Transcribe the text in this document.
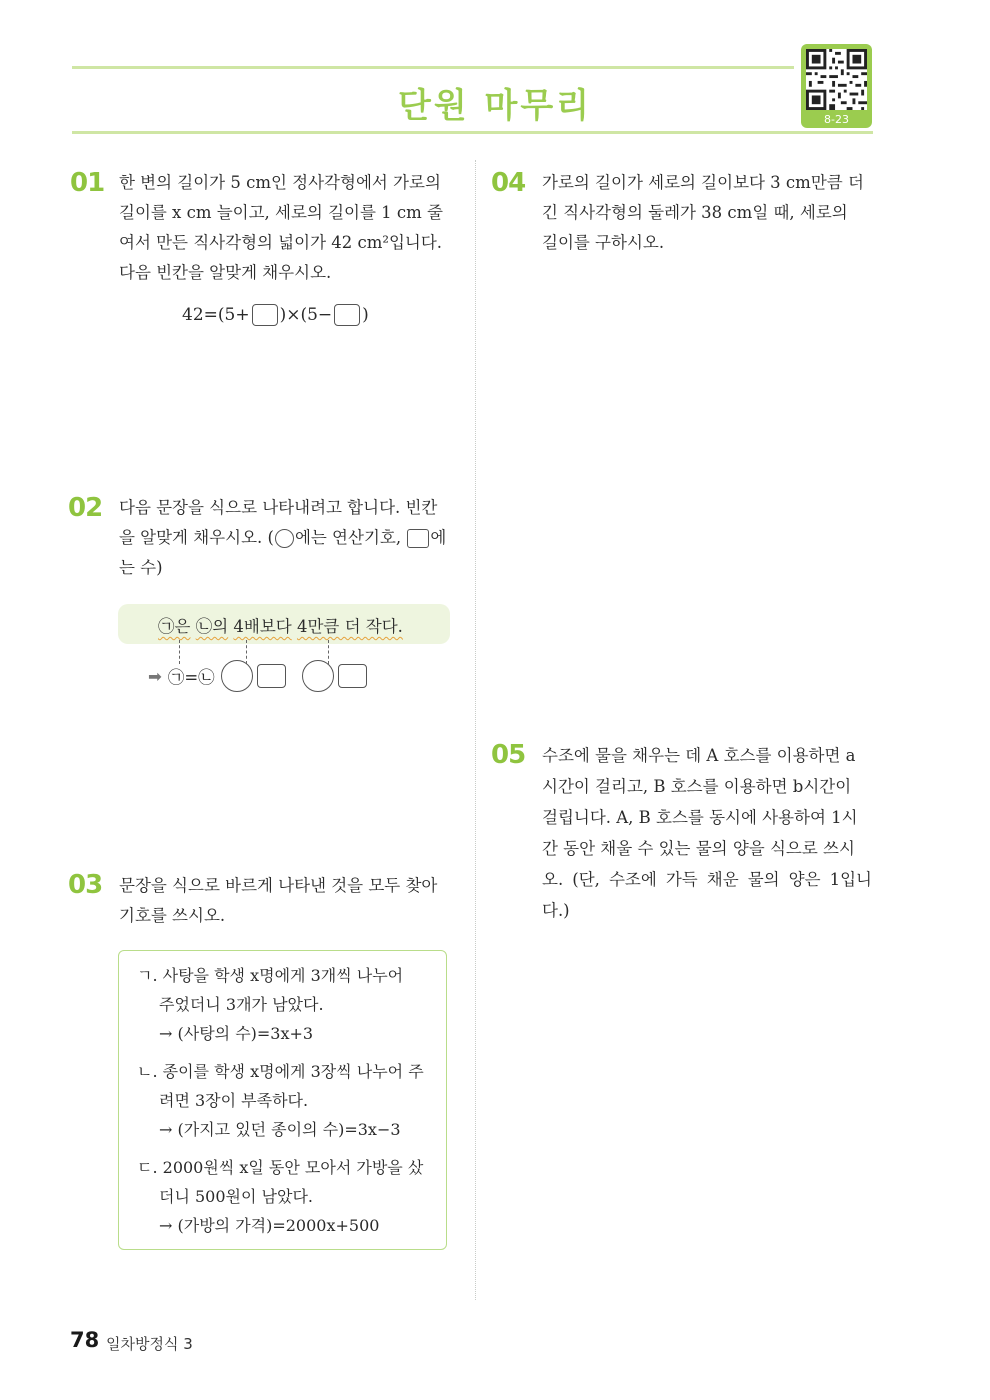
단원 마무리	8-23
01 한 변의 길이가 5 cm인 정사각형에서 가로의

길이를 x cm 늘이고, 세로의 길이를 1 cm 줄

여서 만든 직사각형의 넓이가 42 cm²입니다.

다음 빈칸을 알맞게 채우시오.

42=(5+ )×(5− )
02 다음 문장을 식으로 나타내려고 합니다. 빈칸

을 알맞게 채우시오. ( 에는 연산기호, 에

는 수)

㉠은 ㉡의 4배보다 4만큼 더 작다.
➡ ㉠=㉡
03 문장을 식으로 바르게 나타낸 것을 모두 찾아

기호를 쓰시오.

ㄱ. 사탕을 학생 x명에게 3개씩 나누어
주었더니 3개가 남았다.
→ (사탕의 수)=3x+3
ㄴ. 종이를 학생 x명에게 3장씩 나누어 주
려면 3장이 부족하다.
→ (가지고 있던 종이의 수)=3x−3
ㄷ. 2000원씩 x일 동안 모아서 가방을 샀
더니 500원이 남았다.
→ (가방의 가격)=2000x+500
04 가로의 길이가 세로의 길이보다 3 cm만큼 더

긴 직사각형의 둘레가 38 cm일 때, 세로의

길이를 구하시오.

05 수조에 물을 채우는 데 A 호스를 이용하면 a

시간이 걸리고, B 호스를 이용하면 b시간이

걸립니다. A, B 호스를 동시에 사용하여 1시

간 동안 채울 수 있는 물의 양을 식으로 쓰시

오. (단, 수조에 가득 채운 물의 양은 1입니다.)

78 일차방정식 3
